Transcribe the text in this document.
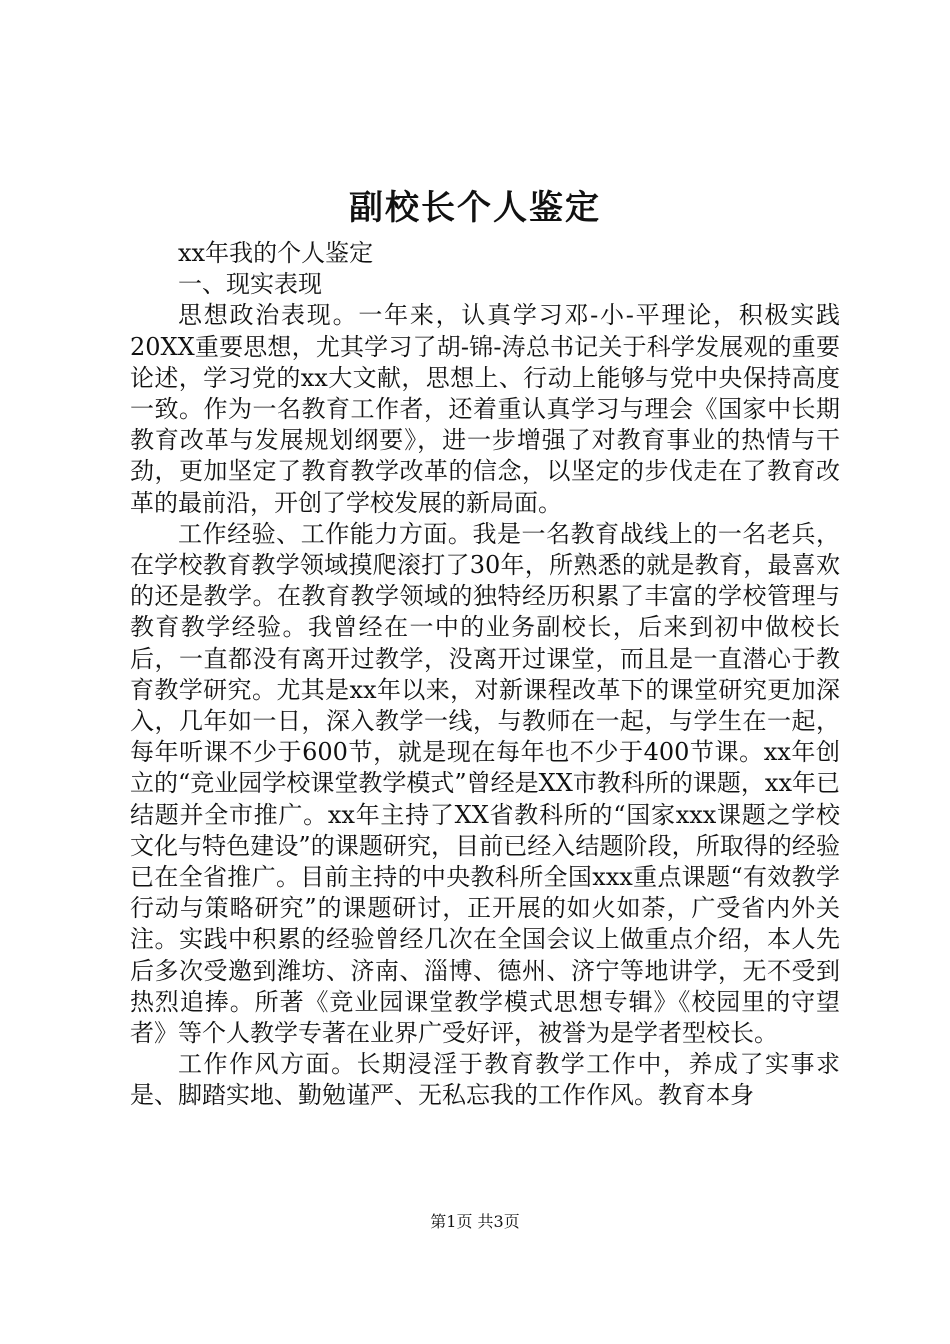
副校长个人鉴定

xx年我的个人鉴定

一、现实表现

思想政治表现。一年来，认真学习邓-小-平理论，积极实践20XX重要思想，尤其学习了胡-锦-涛总书记关于科学发展观的重要论述，学习党的xx大文献，思想上、行动上能够与党中央保持高度一致。作为一名教育工作者，还着重认真学习与理会《国家中长期教育改革与发展规划纲要》，进一步增强了对教育事业的热情与干劲，更加坚定了教育教学改革的信念，以坚定的步伐走在了教育改革的最前沿，开创了学校发展的新局面。

工作经验、工作能力方面。我是一名教育战线上的一名老兵，在学校教育教学领域摸爬滚打了30年，所熟悉的就是教育，最喜欢的还是教学。在教育教学领域的独特经历积累了丰富的学校管理与教育教学经验。我曾经在一中的业务副校长，后来到初中做校长后，一直都没有离开过教学，没离开过课堂，而且是一直潜心于教育教学研究。尤其是xx年以来，对新课程改革下的课堂研究更加深入，几年如一日，深入教学一线，与教师在一起，与学生在一起，每年听课不少于600节，就是现在每年也不少于400节课。xx年创立的“竞业园学校课堂教学模式”曾经是XX市教科所的课题，xx年已结题并全市推广。xx年主持了XX省教科所的“国家xxx课题之学校文化与特色建设”的课题研究，目前已经入结题阶段，所取得的经验已在全省推广。目前主持的中央教科所全国xxx重点课题“有效教学行动与策略研究”的课题研讨，正开展的如火如荼，广受省内外关注。实践中积累的经验曾经几次在全国会议上做重点介绍，本人先后多次受邀到潍坊、济南、淄博、德州、济宁等地讲学，无不受到热烈追捧。所著《竞业园课堂教学模式思想专辑》《校园里的守望者》等个人教学专著在业界广受好评，被誉为是学者型校长。

工作作风方面。长期浸淫于教育教学工作中，养成了实事求是、脚踏实地、勤勉谨严、无私忘我的工作作风。教育本身

第1页 共3页
